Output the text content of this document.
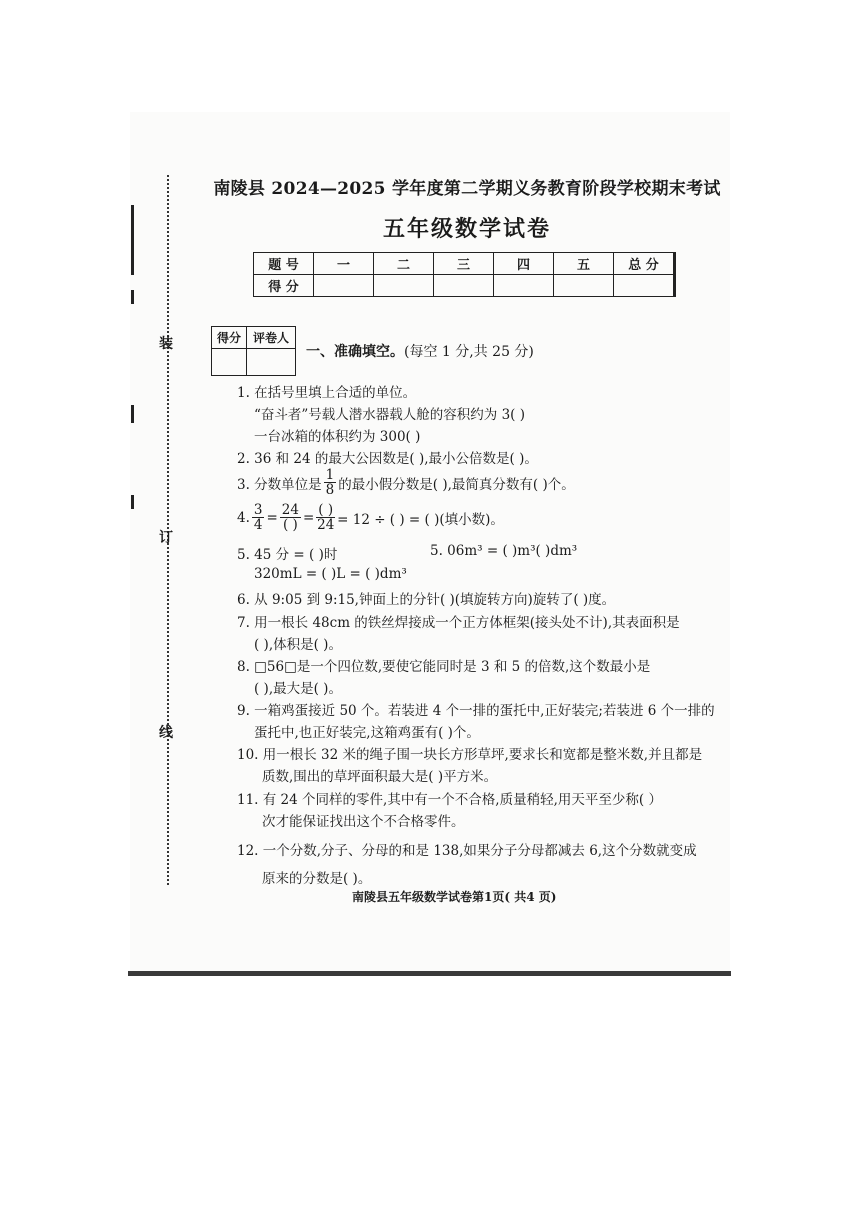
装
订
线
南陵县 2024—2025 学年度第二学期义务教育阶段学校期末考试
五年级数学试卷
题 号	一	二	三	四	五	总 分
得 分						
得分	评卷人

一、准确填空。(每空 1 分,共 25 分)
1. 在括号里填上合适的单位。
“奋斗者”号载人潜水器载人舱的容积约为 3( )
一台冰箱的体积约为 300( )
2. 36 和 24 的最大公因数是( ),最小公倍数是( )。
3. 分数单位是 $\frac{1}{8}$ 的最小假分数是( ),最简真分数有( )个。
4. $\frac{3}{4} = \frac{24}{( )} = \frac{( )}{24} = 12$ ÷ ( ) = ( )(填小数)。
5. 45 分 = ( )时	5. 06m³ = ( )m³( )dm³
320mL = ( )L = ( )dm³
6. 从 9:05 到 9:15,钟面上的分针( )(填旋转方向)旋转了( )度。
7. 用一根长 48cm 的铁丝焊接成一个正方体框架(接头处不计),其表面积是
( ),体积是( )。
8. □56□是一个四位数,要使它能同时是 3 和 5 的倍数,这个数最小是
( ),最大是( )。
9. 一箱鸡蛋接近 50 个。若装进 4 个一排的蛋托中,正好装完;若装进 6 个一排的
蛋托中,也正好装完,这箱鸡蛋有( )个。
10. 用一根长 32 米的绳子围一块长方形草坪,要求长和宽都是整米数,并且都是
质数,围出的草坪面积最大是( )平方米。
11. 有 24 个同样的零件,其中有一个不合格,质量稍轻,用天平至少称( ）
次才能保证找出这个不合格零件。
12. 一个分数,分子、分母的和是 138,如果分子分母都减去 6,这个分数就变成
原来的分数是( )。
南陵县五年级数学试卷第1页( 共4 页)
